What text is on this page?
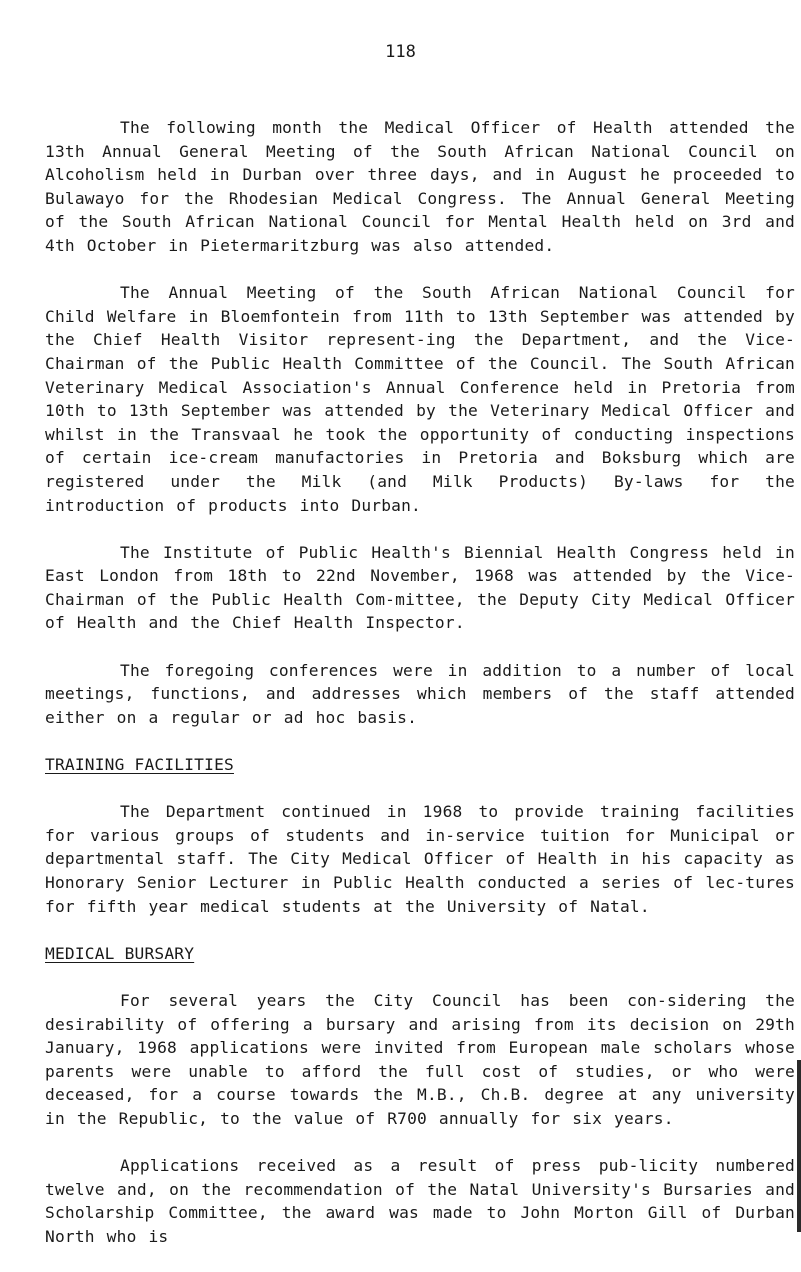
118

The following month the Medical Officer of Health attended the 13th Annual General Meeting of the South African National Council on Alcoholism held in Durban over three days, and in August he proceeded to Bulawayo for the Rhodesian Medical Congress. The Annual General Meeting of the South African National Council for Mental Health held on 3rd and 4th October in Pietermaritzburg was also attended.

The Annual Meeting of the South African National Council for Child Welfare in Bloemfontein from 11th to 13th September was attended by the Chief Health Visitor represent-ing the Department, and the Vice-Chairman of the Public Health Committee of the Council. The South African Veterinary Medical Association's Annual Conference held in Pretoria from 10th to 13th September was attended by the Veterinary Medical Officer and whilst in the Transvaal he took the opportunity of conducting inspections of certain ice-cream manufactories in Pretoria and Boksburg which are registered under the Milk (and Milk Products) By-laws for the introduction of products into Durban.

The Institute of Public Health's Biennial Health Congress held in East London from 18th to 22nd November, 1968 was attended by the Vice-Chairman of the Public Health Com-mittee, the Deputy City Medical Officer of Health and the Chief Health Inspector.

The foregoing conferences were in addition to a number of local meetings, functions, and addresses which members of the staff attended either on a regular or ad hoc basis.

TRAINING FACILITIES

The Department continued in 1968 to provide training facilities for various groups of students and in-service tuition for Municipal or departmental staff. The City Medical Officer of Health in his capacity as Honorary Senior Lecturer in Public Health conducted a series of lec-tures for fifth year medical students at the University of Natal.

MEDICAL BURSARY

For several years the City Council has been con-sidering the desirability of offering a bursary and arising from its decision on 29th January, 1968 applications were invited from European male scholars whose parents were unable to afford the full cost of studies, or who were deceased, for a course towards the M.B., Ch.B. degree at any university in the Republic, to the value of R700 annually for six years.

Applications received as a result of press pub-licity numbered twelve and, on the recommendation of the Natal University's Bursaries and Scholarship Committee, the award was made to John Morton Gill of Durban North who is
